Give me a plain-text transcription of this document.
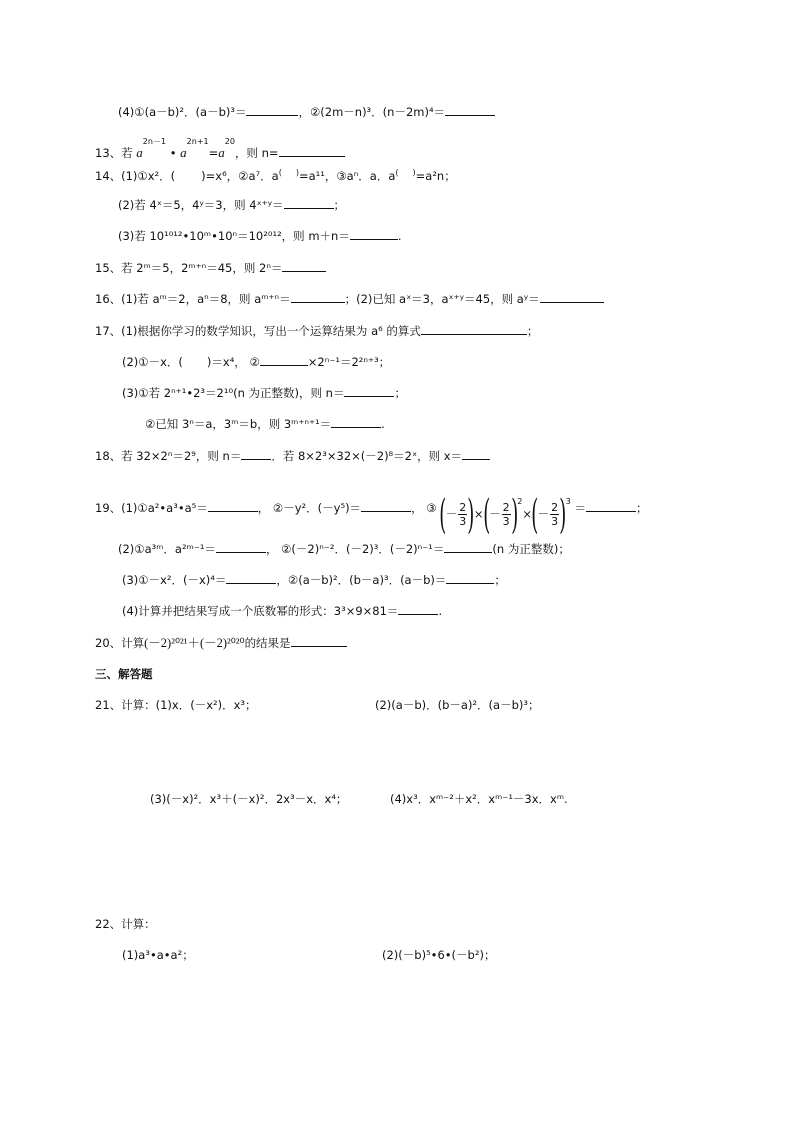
(4)①(a－b)²．(a－b)³＝	，②(2m－n)³．(n－2m)⁴＝
13、若 $a^{2n-1}$ • $a^{2n+1}=a^{20}$，则 n=
14、(1)①x²．( )=x⁶，②a⁷．a( )=a¹¹，③aⁿ．a．a( )=a²n；
(2)若 4ˣ＝5，4ʸ＝3，则 4ˣ⁺ʸ＝	；
(3)若 10¹⁰¹²•10ᵐ•10ⁿ＝10²⁰¹²，则 m＋n＝	.
15、若 2ᵐ＝5，2ᵐ⁺ⁿ＝45，则 2ⁿ＝
16、(1)若 aᵐ＝2，aⁿ＝8，则 aᵐ⁺ⁿ＝	；(2)已知 aˣ＝3，aˣ⁺ʸ＝45，则 aʸ＝
17、(1)根据你学习的数学知识，写出一个运算结果为 a⁶ 的算式	；
(2)①－x．( )＝x⁴， ②	×2ⁿ⁻¹＝2²ⁿ⁺³；
(3)①若 2ⁿ⁺¹•2³＝2¹⁰(n 为正整数)，则 n＝	；
②已知 3ⁿ＝a，3ᵐ＝b，则 3ᵐ⁺ⁿ⁺¹＝	.
18、若 32×2ⁿ＝2⁹，则 n＝	．若 8×2³×32×(－2)⁸＝2ˣ，则 x＝
19、(1)①a²•a³•a⁵＝	， ②－y²．(－y⁵)＝	， ③ (－ $\frac{2}{3}$ )×(－ $\frac{2}{3} )^2\times(- \frac{2}{3} )^3$ ＝	；
(2)①a³ᵐ．a²ᵐ⁻¹＝	， ②(－2)ⁿ⁻²．(－2)³．(－2)ⁿ⁻¹＝	(n 为正整数)；
(3)①－x²．(－x)⁴＝	，②(a－b)²．(b－a)³．(a－b)＝	；
(4)计算并把结果写成一个底数幂的形式：3³×9×81＝	.
20、计算(－2)²⁰²¹＋(－2)²⁰²⁰的结果是
三、解答题
21、计算：(1)x．(－x²)．x³；	(2)(a－b)．(b－a)²．(a－b)³；
(3)(－x)²．x³＋(－x)²．2x³－x．x⁴；	(4)x³．xᵐ⁻²＋x²．xᵐ⁻¹－3x．xᵐ.
22、计算：
(1)a³•a•a²；	(2)(－b)⁵•6•(－b²)；
